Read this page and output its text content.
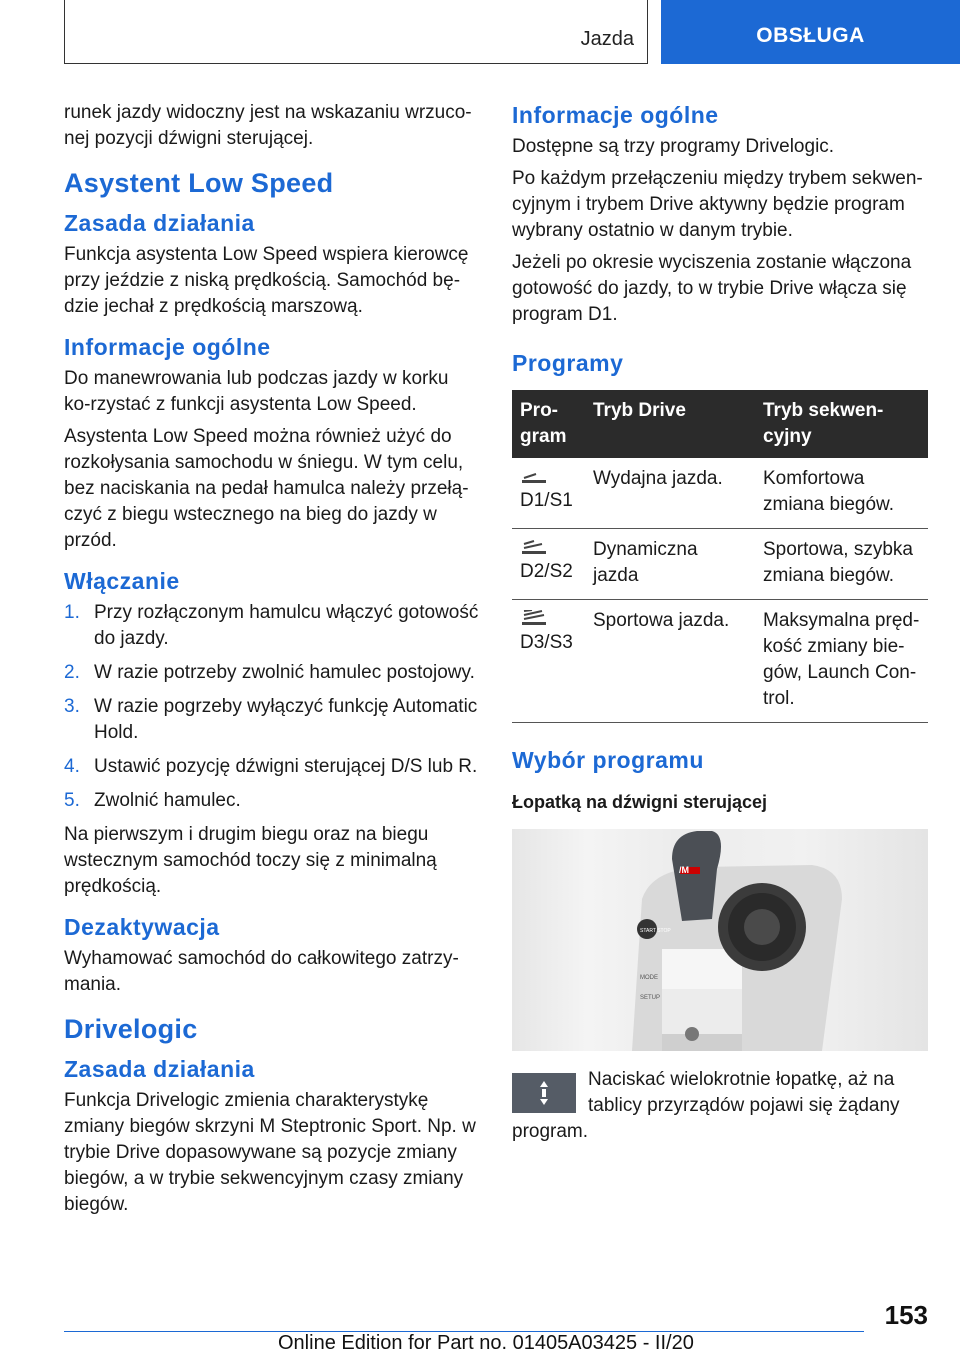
Jazda	OBSŁUGA

runek jazdy widoczny jest na wskazaniu wrzuco-nej pozycji dźwigni sterującej.

Asystent Low Speed
Zasada działania

Funkcja asystenta Low Speed wspiera kierowcę przy jeździe z niską prędkością. Samochód bę-dzie jechał z prędkością marszową.

Informacje ogólne

Do manewrowania lub podczas jazdy w korku ko-rzystać z funkcji asystenta Low Speed.

Asystenta Low Speed można również użyć do rozkołysania samochodu w śniegu. W tym celu, bez naciskania na pedał hamulca należy przełą-czyć z biegu wstecznego na bieg do jazdy w przód.

Włączanie
1. Przy rozłączonym hamulcu włączyć gotowość do jazdy.
2. W razie potrzeby zwolnić hamulec postojowy.
3. W razie pogrzeby wyłączyć funkcję Automatic Hold.
4. Ustawić pozycję dźwigni sterującej D/S lub R.
5. Zwolnić hamulec.

Na pierwszym i drugim biegu oraz na biegu wstecznym samochód toczy się z minimalną prędkością.

Dezaktywacja

Wyhamować samochód do całkowitego zatrzy-mania.

Drivelogic
Zasada działania

Funkcja Drivelogic zmienia charakterystykę zmiany biegów skrzyni M Steptronic Sport. Np. w trybie Drive dopasowywane są pozycje zmiany biegów, a w trybie sekwencyjnym czasy zmiany biegów.

Informacje ogólne

Dostępne są trzy programy Drivelogic.

Po każdym przełączeniu między trybem sekwen-cyjnym i trybem Drive aktywny będzie program wybrany ostatnio w danym trybie.

Jeżeli po okresie wyciszenia zostanie włączona gotowość do jazdy, to w trybie Drive włącza się program D1.

Programy
Pro-gram	Tryb Drive	Tryb sekwen-cyjny

D1/S1	Wydajna jazda.	Komfortowa zmiana biegów.

D2/S2	Dynamiczna jazda	Sportowa, szybka zmiana biegów.

D3/S3	Sportowa jazda.	Maksymalna pręd-kość zmiany bie-gów, Launch Con-trol.
Wybór programu
Łopatką na dźwigni sterującej
/M
START STOP
MODE
SETUP

Naciskać wielokrotnie łopatkę, aż na tablicy przyrządów pojawi się żądany program.

153
Online Edition for Part no. 01405A03425 - II/20
